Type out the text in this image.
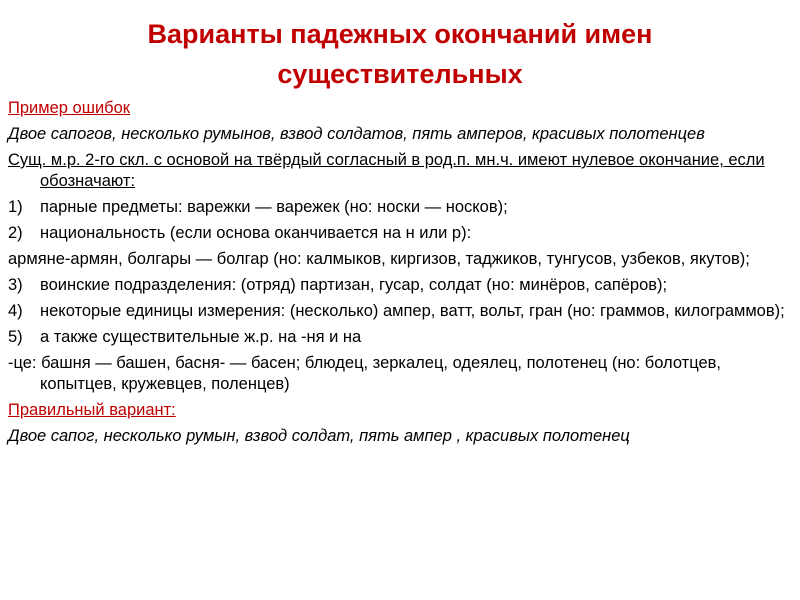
Варианты падежных окончаний имен существительных

Пример ошибок

Двое сапогов, несколько румынов, взвод солдатов, пять амперов, красивых полотенцев

Сущ. м.р. 2-го скл. с основой на твёрдый согласный в род.п. мн.ч. имеют нулевое окончание, если обозначают:

1) парные предметы: варежки — варежек (но: носки — носков);

2) национальность (если основа оканчивается на н или р):

армяне-армян, болгары — болгар (но: калмыков, киргизов, таджиков, тунгусов, узбеков, якутов);

3) воинские подразделения: (отряд) партизан, гусар, солдат (но: минёров, сапёров);

4) некоторые единицы измерения: (несколько) ампер, ватт, вольт, гран (но: граммов, килограммов);

5) а также существительные ж.р. на -ня и на

-це: башня — башен, басня- — басен; блюдец, зеркалец, одеялец, полотенец (но: болотцев, копытцев, кружевцев, поленцев)

Правильный вариант:

Двое сапог, несколько румын, взвод солдат, пять ампер , красивых полотенец
